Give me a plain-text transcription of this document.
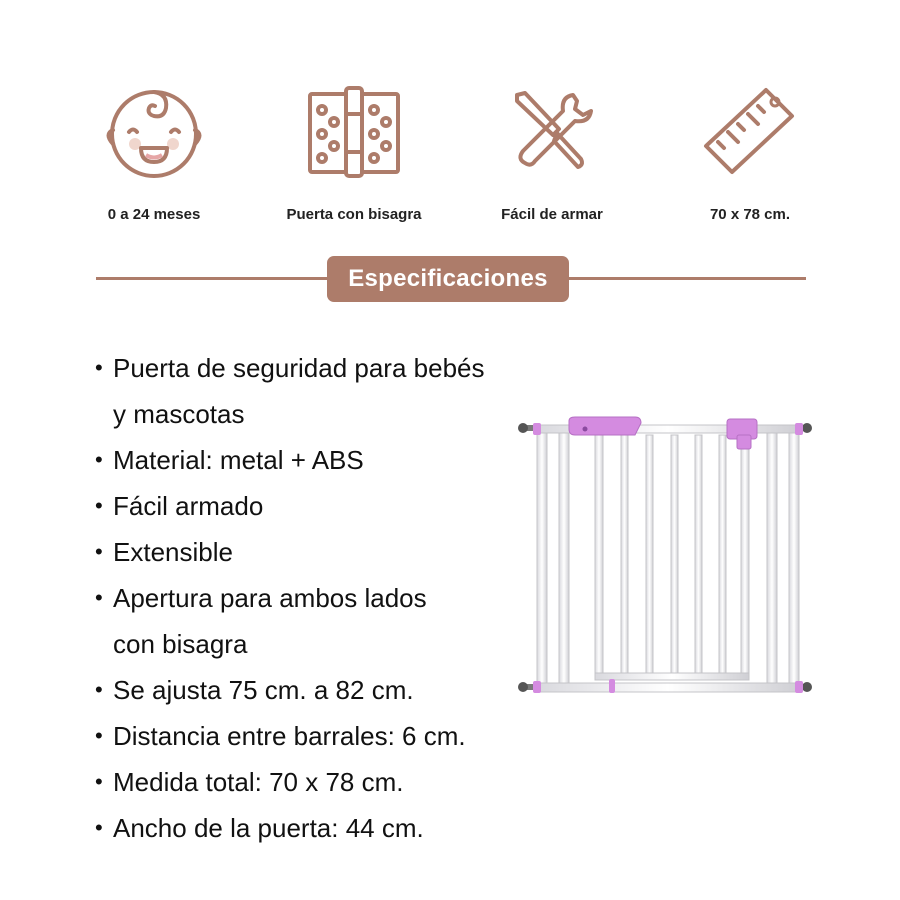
0 a 24 meses	Puerta con bisagra	Fácil de armar	70 x 78 cm.
Especificaciones
• Puerta de seguridad para bebés
y mascotas
• Material: metal + ABS
• Fácil armado
• Extensible
• Apertura para ambos lados
con bisagra
• Se ajusta 75 cm. a 82 cm.
• Distancia entre barrales: 6 cm.
• Medida total: 70 x 78 cm.
• Ancho de la puerta: 44 cm.
